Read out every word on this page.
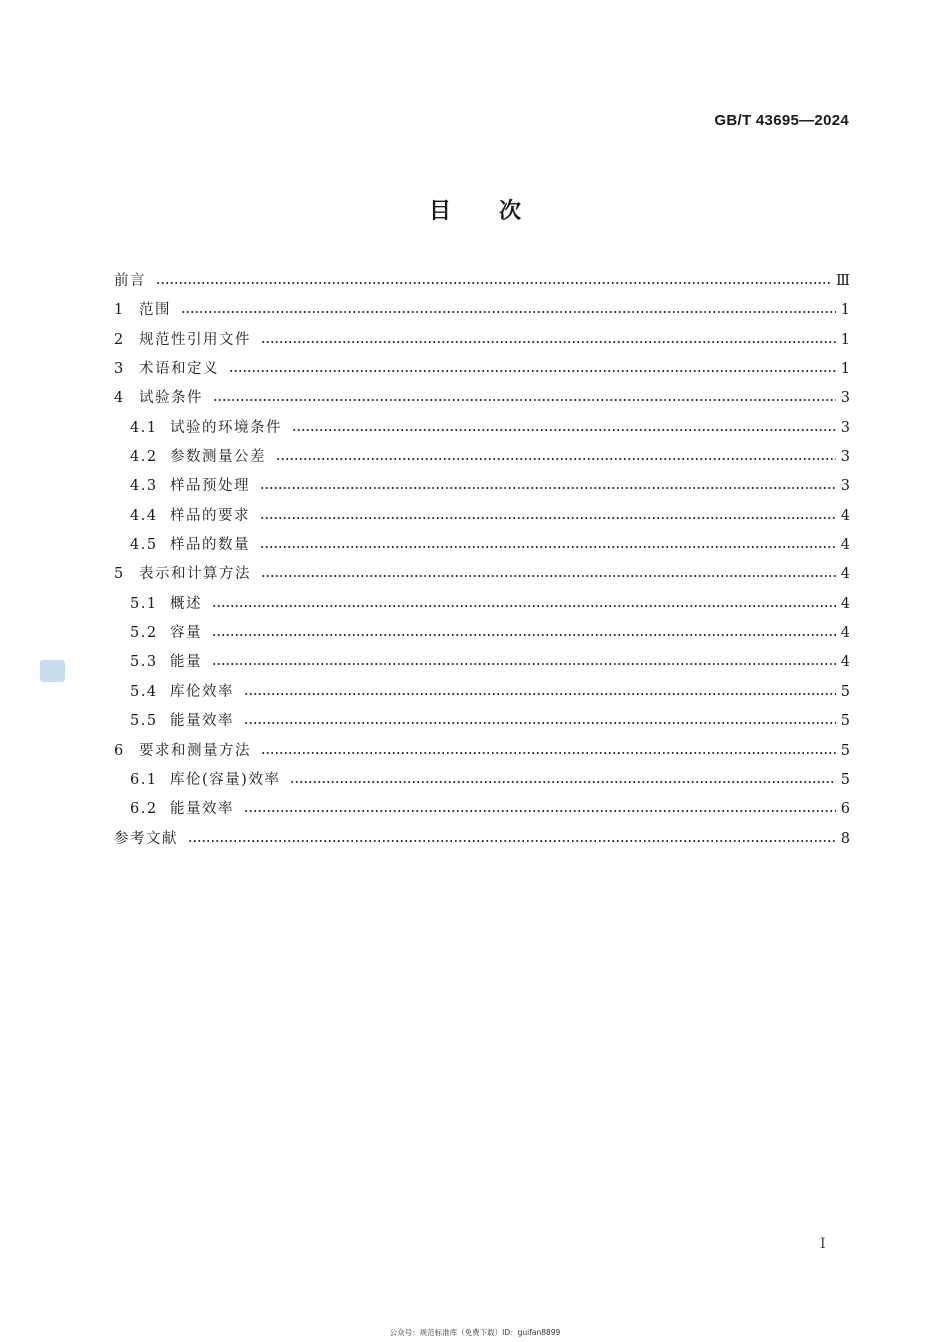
GB/T 43695—2024
目次
前言	Ⅲ
1 范围	1
2 规范性引用文件	1
3 术语和定义	1
4 试验条件	3
4.1 试验的环境条件	3
4.2 参数测量公差	3
4.3 样品预处理	3
4.4 样品的要求	4
4.5 样品的数量	4
5 表示和计算方法	4
5.1 概述	4
5.2 容量	4
5.3 能量	4
5.4 库伦效率	5
5.5 能量效率	5
6 要求和测量方法	5
6.1 库伦(容量)效率	5
6.2 能量效率	6
参考文献	8
Ⅰ
公众号：规范标准库（免费下载）ID：guifan8899
